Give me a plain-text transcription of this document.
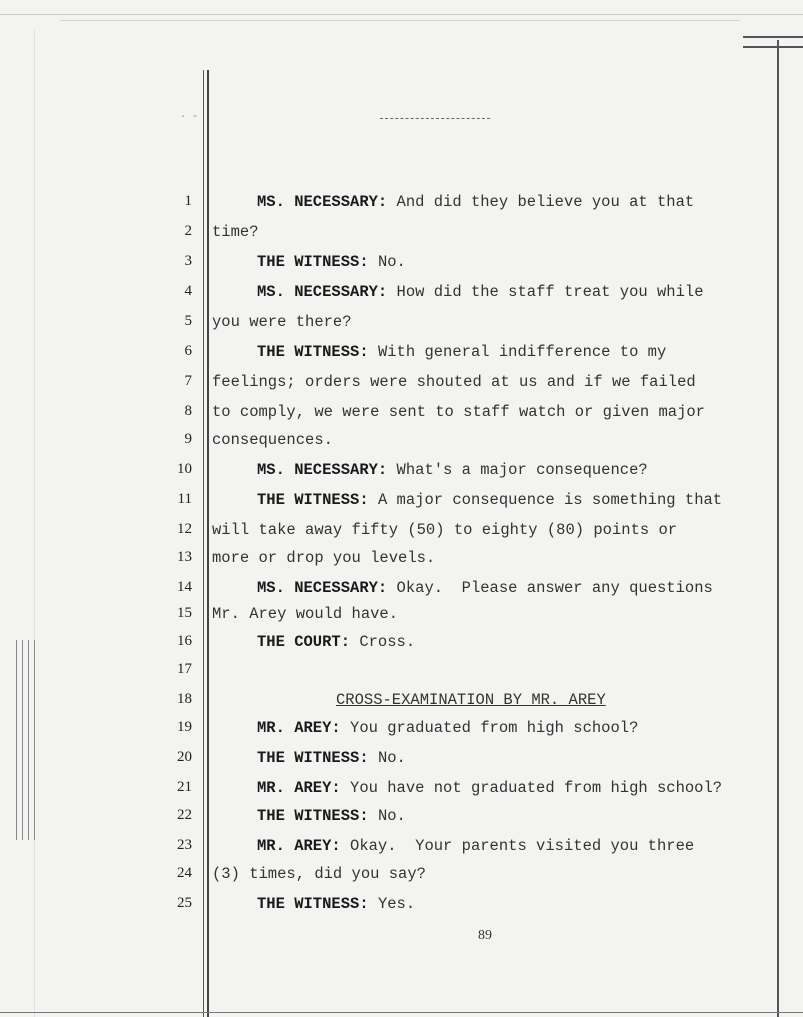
· -
1	MS. NECESSARY: And did they believe you at that
2 time?
3	THE WITNESS: No.
4	MS. NECESSARY: How did the staff treat you while
5 you were there?
6	THE WITNESS: With general indifference to my
7 feelings; orders were shouted at us and if we failed
8 to comply, we were sent to staff watch or given major
9 consequences.
10	MS. NECESSARY: What's a major consequence?
11	THE WITNESS: A major consequence is something that
12 will take away fifty (50) to eighty (80) points or
13 more or drop you levels.
14	MS. NECESSARY: Okay.  Please answer any questions
15 Mr. Arey would have.
16	THE COURT: Cross.
17
18	CROSS-EXAMINATION BY MR. AREY
19	MR. AREY: You graduated from high school?
20	THE WITNESS: No.
21	MR. AREY: You have not graduated from high school?
22	THE WITNESS: No.
23	MR. AREY: Okay.  Your parents visited you three
24 (3) times, did you say?
25	THE WITNESS: Yes.
89
